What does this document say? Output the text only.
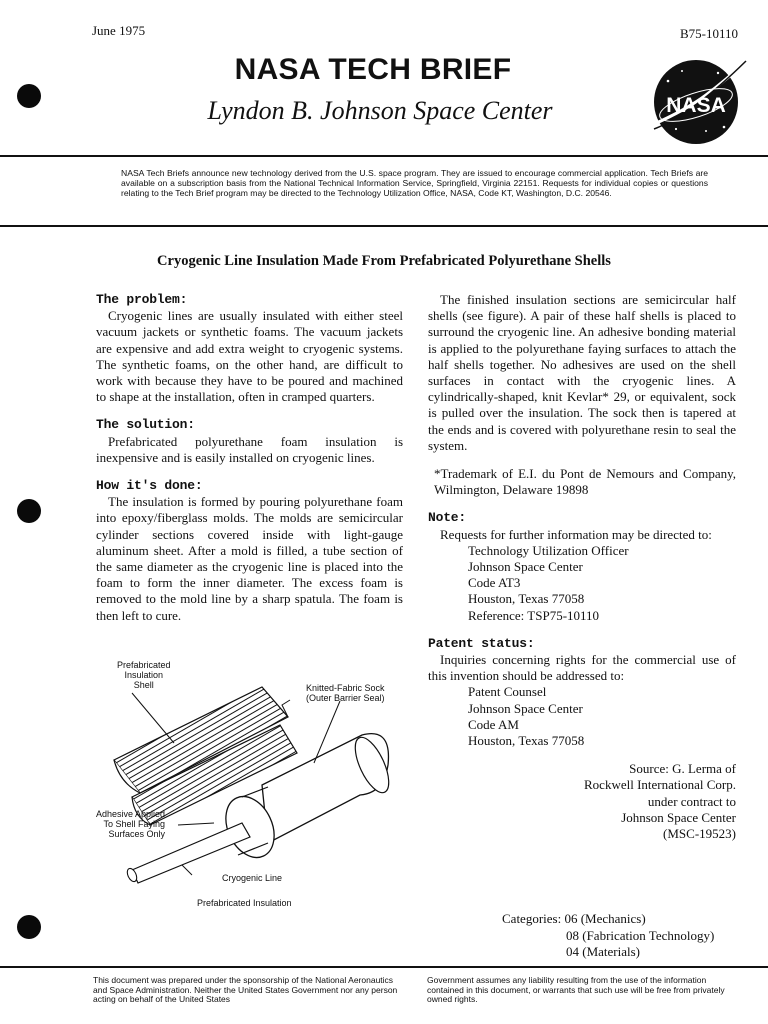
June 1975	B75-10110
NASA TECH BRIEF
Lyndon B. Johnson Space Center	NASA
NASA Tech Briefs announce new technology derived from the U.S. space program. They are issued to encourage commercial application. Tech Briefs are available on a subscription basis from the National Technical Information Service, Springfield, Virginia 22151. Requests for individual copies or questions relating to the Tech Brief program may be directed to the Technology Utilization Office, NASA, Code KT, Washington, D.C. 20546.
Cryogenic Line Insulation Made From Prefabricated Polyurethane Shells
The problem:

Cryogenic lines are usually insulated with either steel vacuum jackets or synthetic foams. The vacuum jackets are expensive and add extra weight to cryogenic systems. The synthetic foams, on the other hand, are difficult to work with because they have to be poured and machined to shape at the installation, often in cramped quarters.

The solution:

Prefabricated polyurethane foam insulation is inexpensive and is easily installed on cryogenic lines.

How it's done:

The insulation is formed by pouring polyurethane foam into epoxy/fiberglass molds. The molds are semicircular cylinder sections covered inside with light-gauge aluminum sheet. After a mold is filled, a tube section of the same diameter as the cryogenic line is placed into the foam to form the inner diameter. The excess foam is removed to the mold line by a sharp spatula. The foam is then left to cure.

Prefabricated
Insulation
Shell	Knitted-Fabric Sock
(Outer Barrier Seal)
Adhesive Applied
To Shell Faying
Surfaces Only
Cryogenic Line
Prefabricated Insulation

The finished insulation sections are semicircular half shells (see figure). A pair of these half shells is placed to surround the cryogenic line. An adhesive bonding material is applied to the polyurethane faying surfaces to attach the half shells together. No adhesives are used on the shell surfaces in contact with the cryogenic lines. A cylindrically-shaped, knit Kevlar* 29, or equivalent, sock is pulled over the insulation. The sock then is tapered at the ends and is covered with polyurethane resin to seal the system.

*Trademark of E.I. du Pont de Nemours and Company, Wilmington, Delaware 19898

Note:

Requests for further information may be directed to:

Technology Utilization Officer
Johnson Space Center
Code AT3
Houston, Texas 77058
Reference: TSP75-10110
Patent status:

Inquiries concerning rights for the commercial use of this invention should be addressed to:

Patent Counsel
Johnson Space Center
Code AM
Houston, Texas 77058
Source: G. Lerma of
Rockwell International Corp.
under contract to
Johnson Space Center
(MSC-19523)
Categories: 06 (Mechanics)
08 (Fabrication Technology)
04 (Materials)
This document was prepared under the sponsorship of the National Aeronautics and Space Administration. Neither the United States Government nor any person acting on behalf of the United States
Government assumes any liability resulting from the use of the information contained in this document, or warrants that such use will be free from privately owned rights.
